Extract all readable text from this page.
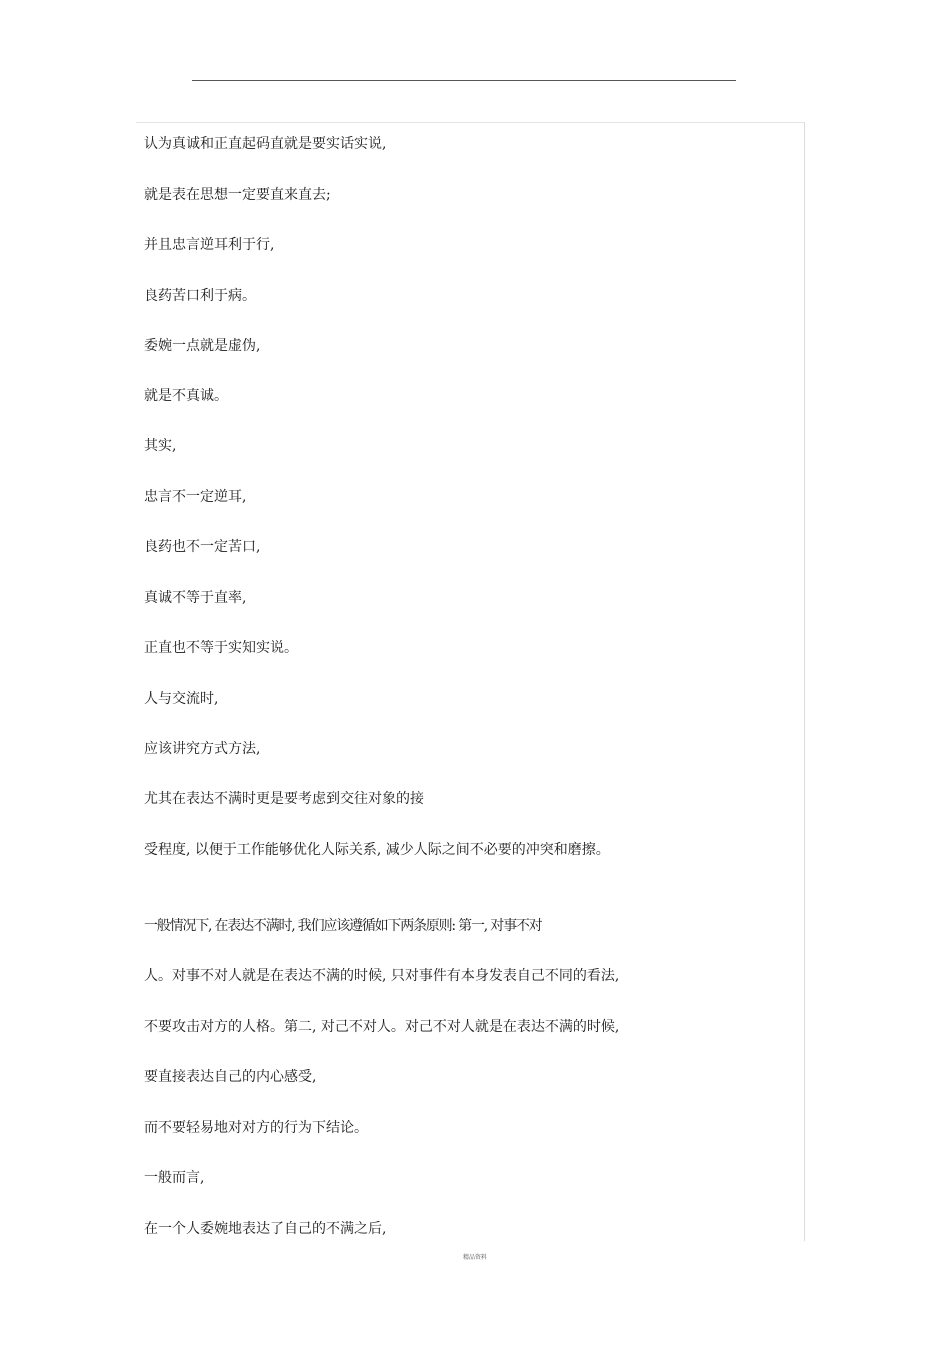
认为真诚和正直起码直就是要实话实说,
就是表在思想一定要直来直去;
并且忠言逆耳利于行,
良药苦口利于病。
委婉一点就是虚伪,
就是不真诚。
其实,
忠言不一定逆耳,
良药也不一定苦口,
真诚不等于直率,
正直也不等于实知实说。
人与交流时,
应该讲究方式方法,
尤其在表达不满时更是要考虑到交往对象的接
受程度, 以便于工作能够优化人际关系, 减少人际之间不必要的冲突和磨擦。
一般情况下, 在表达不满时, 我们应该遵循如下两条原则: 第一, 对事不对
人。对事不对人就是在表达不满的时候, 只对事件有本身发表自己不同的看法,
不要攻击对方的人格。第二, 对己不对人。对己不对人就是在表达不满的时候,
要直接表达自己的内心感受,
而不要轻易地对对方的行为下结论。
一般而言,
在一个人委婉地表达了自己的不满之后,
精品资料
